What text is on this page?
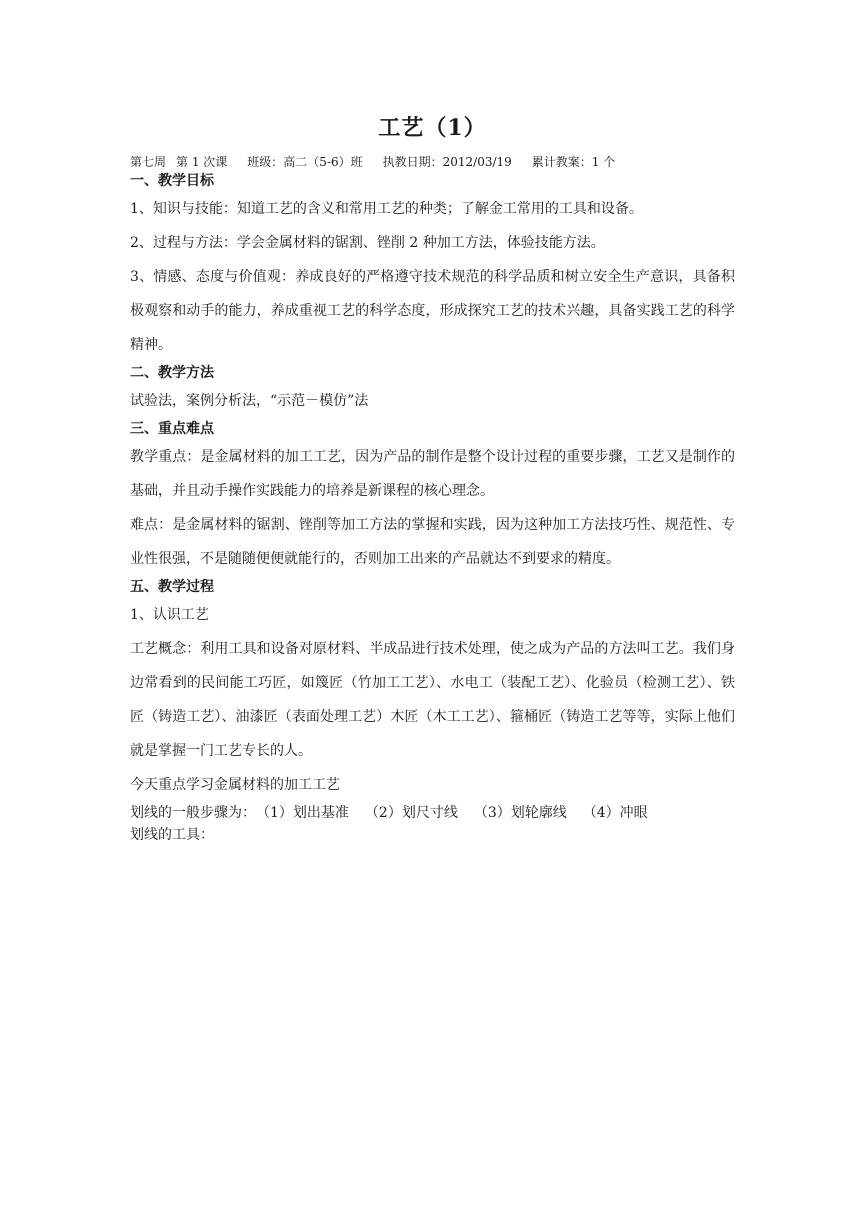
工艺（1）
第七周 第 1 次课 班级：高二（5-6）班 执教日期：2012/03/19 累计教案：1 个
一、教学目标

1、知识与技能：知道工艺的含义和常用工艺的种类；了解金工常用的工具和设备。

2、过程与方法：学会金属材料的锯割、锉削 2 种加工方法，体验技能方法。

3、情感、态度与价值观：养成良好的严格遵守技术规范的科学品质和树立安全生产意识，具备积极观察和动手的能力，养成重视工艺的科学态度，形成探究工艺的技术兴趣，具备实践工艺的科学精神。

二、教学方法

试验法，案例分析法，“示范－模仿”法

三、重点难点

教学重点：是金属材料的加工工艺，因为产品的制作是整个设计过程的重要步骤，工艺又是制作的基础，并且动手操作实践能力的培养是新课程的核心理念。

难点：是金属材料的锯割、锉削等加工方法的掌握和实践，因为这种加工方法技巧性、规范性、专业性很强，不是随随便便就能行的，否则加工出来的产品就达不到要求的精度。

五、教学过程

1、认识工艺

工艺概念：利用工具和设备对原材料、半成品进行技术处理，使之成为产品的方法叫工艺。我们身边常看到的民间能工巧匠，如篾匠（竹加工工艺）、水电工（装配工艺）、化验员（检测工艺）、铁匠（铸造工艺）、油漆匠（表面处理工艺）木匠（木工工艺）、箍桶匠（铸造工艺等等，实际上他们就是掌握一门工艺专长的人。

今天重点学习金属材料的加工工艺

划线的一般步骤为： （1）划出基准 （2）划尺寸线 （3）划轮廓线 （4）冲眼

划线的工具：
